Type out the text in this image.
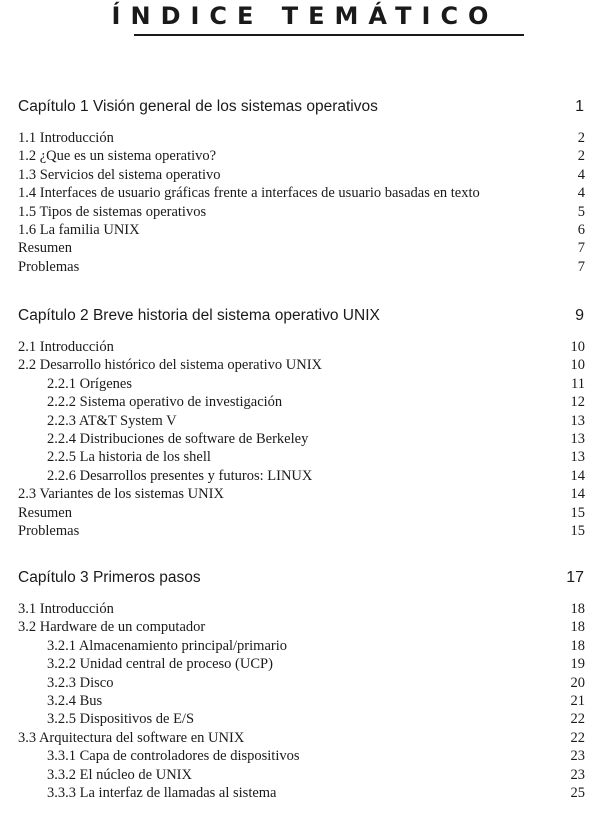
ÍNDICE TEMÁTICO
Capítulo 1 Visión general de los sistemas operativos	1
1.1 Introducción	2
1.2 ¿Que es un sistema operativo?	2
1.3 Servicios del sistema operativo	4
1.4 Interfaces de usuario gráficas frente a interfaces de usuario basadas en texto	4
1.5 Tipos de sistemas operativos	5
1.6 La familia UNIX	6
Resumen	7
Problemas	7
Capítulo 2 Breve historia del sistema operativo UNIX	9
2.1 Introducción	10
2.2 Desarrollo histórico del sistema operativo UNIX	10
2.2.1 Orígenes	11
2.2.2 Sistema operativo de investigación	12
2.2.3 AT&T System V	13
2.2.4 Distribuciones de software de Berkeley	13
2.2.5 La historia de los shell	13
2.2.6 Desarrollos presentes y futuros: LINUX	14
2.3 Variantes de los sistemas UNIX	14
Resumen	15
Problemas	15
Capítulo 3 Primeros pasos	17
3.1 Introducción	18
3.2 Hardware de un computador	18
3.2.1 Almacenamiento principal/primario	18
3.2.2 Unidad central de proceso (UCP)	19
3.2.3 Disco	20
3.2.4 Bus	21
3.2.5 Dispositivos de E/S	22
3.3 Arquitectura del software en UNIX	22
3.3.1 Capa de controladores de dispositivos	23
3.3.2 El núcleo de UNIX	23
3.3.3 La interfaz de llamadas al sistema	25
